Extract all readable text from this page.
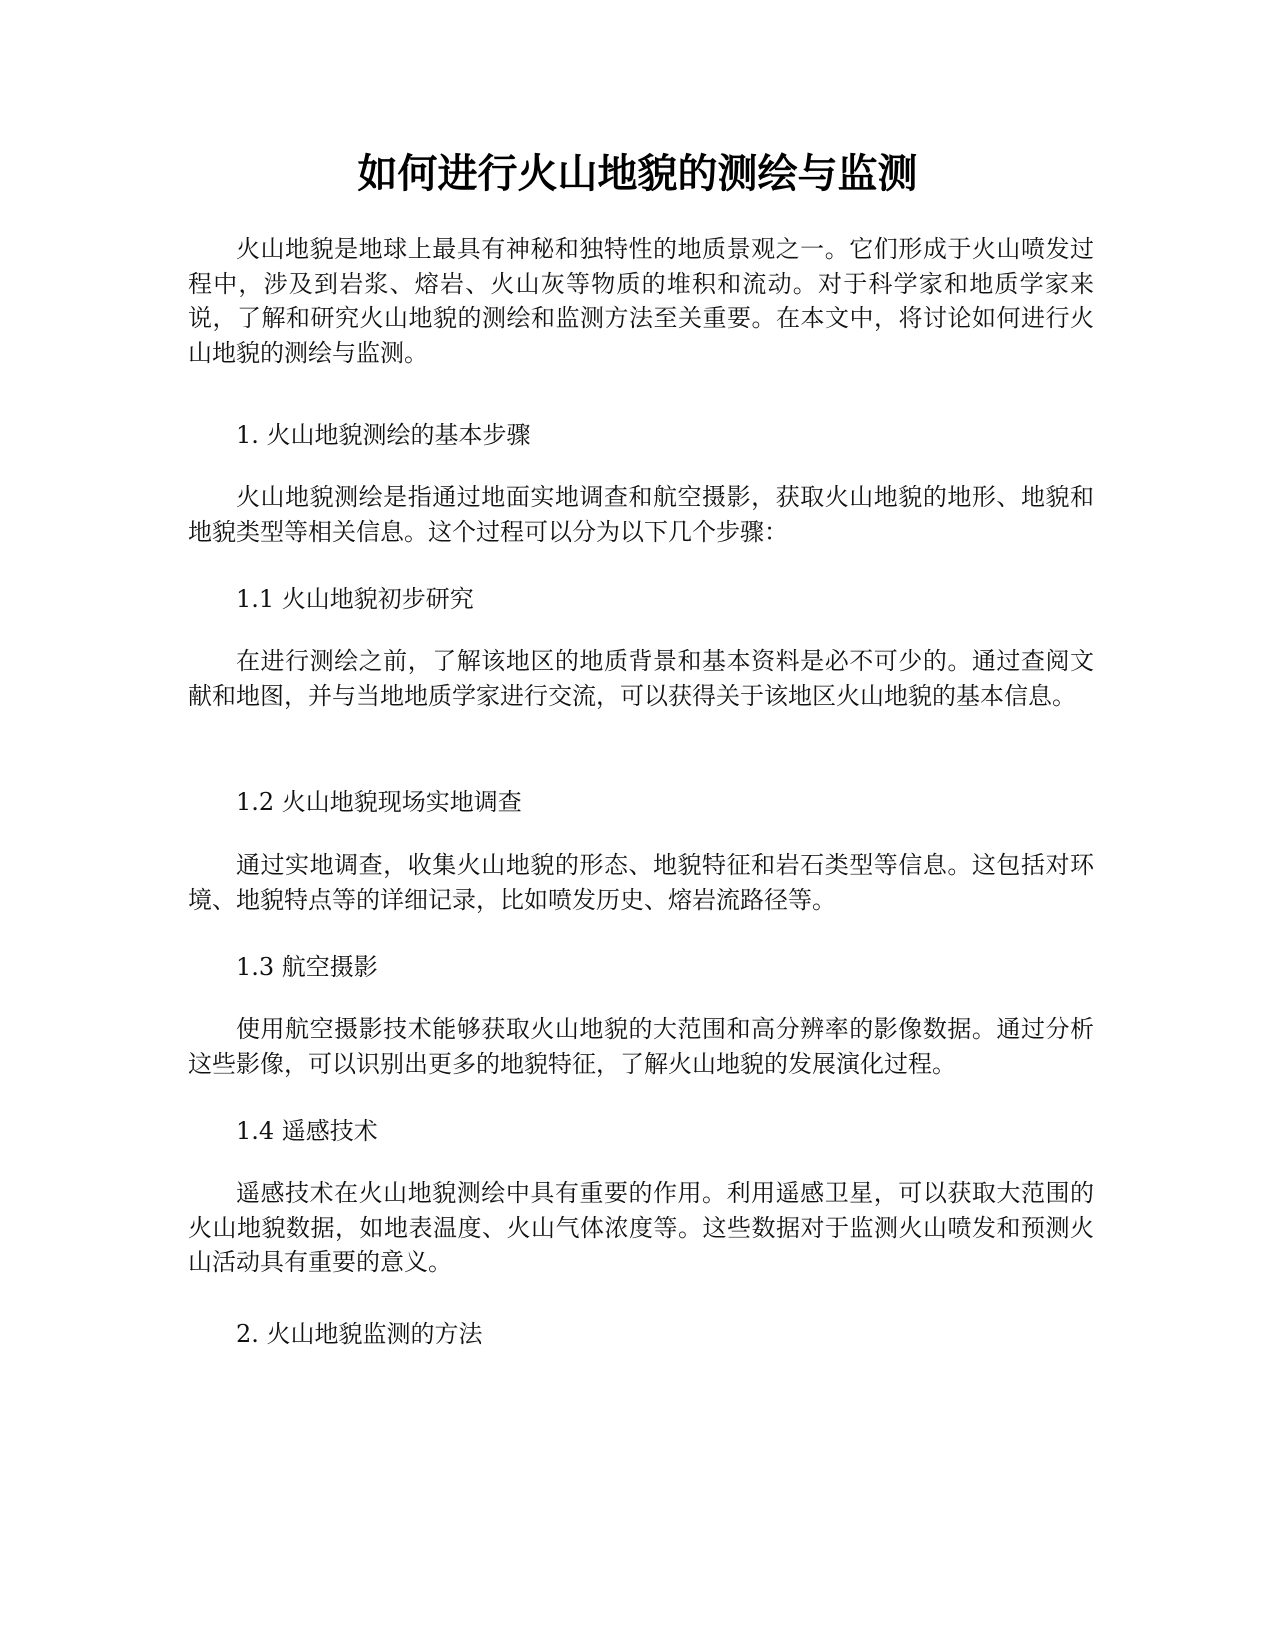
如何进行火山地貌的测绘与监测

火山地貌是地球上最具有神秘和独特性的地质景观之一。它们形成于火山喷发过程中，涉及到岩浆、熔岩、火山灰等物质的堆积和流动。对于科学家和地质学家来说，了解和研究火山地貌的测绘和监测方法至关重要。在本文中，将讨论如何进行火山地貌的测绘与监测。

1. 火山地貌测绘的基本步骤

火山地貌测绘是指通过地面实地调查和航空摄影，获取火山地貌的地形、地貌和地貌类型等相关信息。这个过程可以分为以下几个步骤：

1.1 火山地貌初步研究

在进行测绘之前，了解该地区的地质背景和基本资料是必不可少的。通过查阅文献和地图，并与当地地质学家进行交流，可以获得关于该地区火山地貌的基本信息。

1.2 火山地貌现场实地调查

通过实地调查，收集火山地貌的形态、地貌特征和岩石类型等信息。这包括对环境、地貌特点等的详细记录，比如喷发历史、熔岩流路径等。

1.3 航空摄影

使用航空摄影技术能够获取火山地貌的大范围和高分辨率的影像数据。通过分析这些影像，可以识别出更多的地貌特征，了解火山地貌的发展演化过程。

1.4 遥感技术

遥感技术在火山地貌测绘中具有重要的作用。利用遥感卫星，可以获取大范围的火山地貌数据，如地表温度、火山气体浓度等。这些数据对于监测火山喷发和预测火山活动具有重要的意义。

2. 火山地貌监测的方法
